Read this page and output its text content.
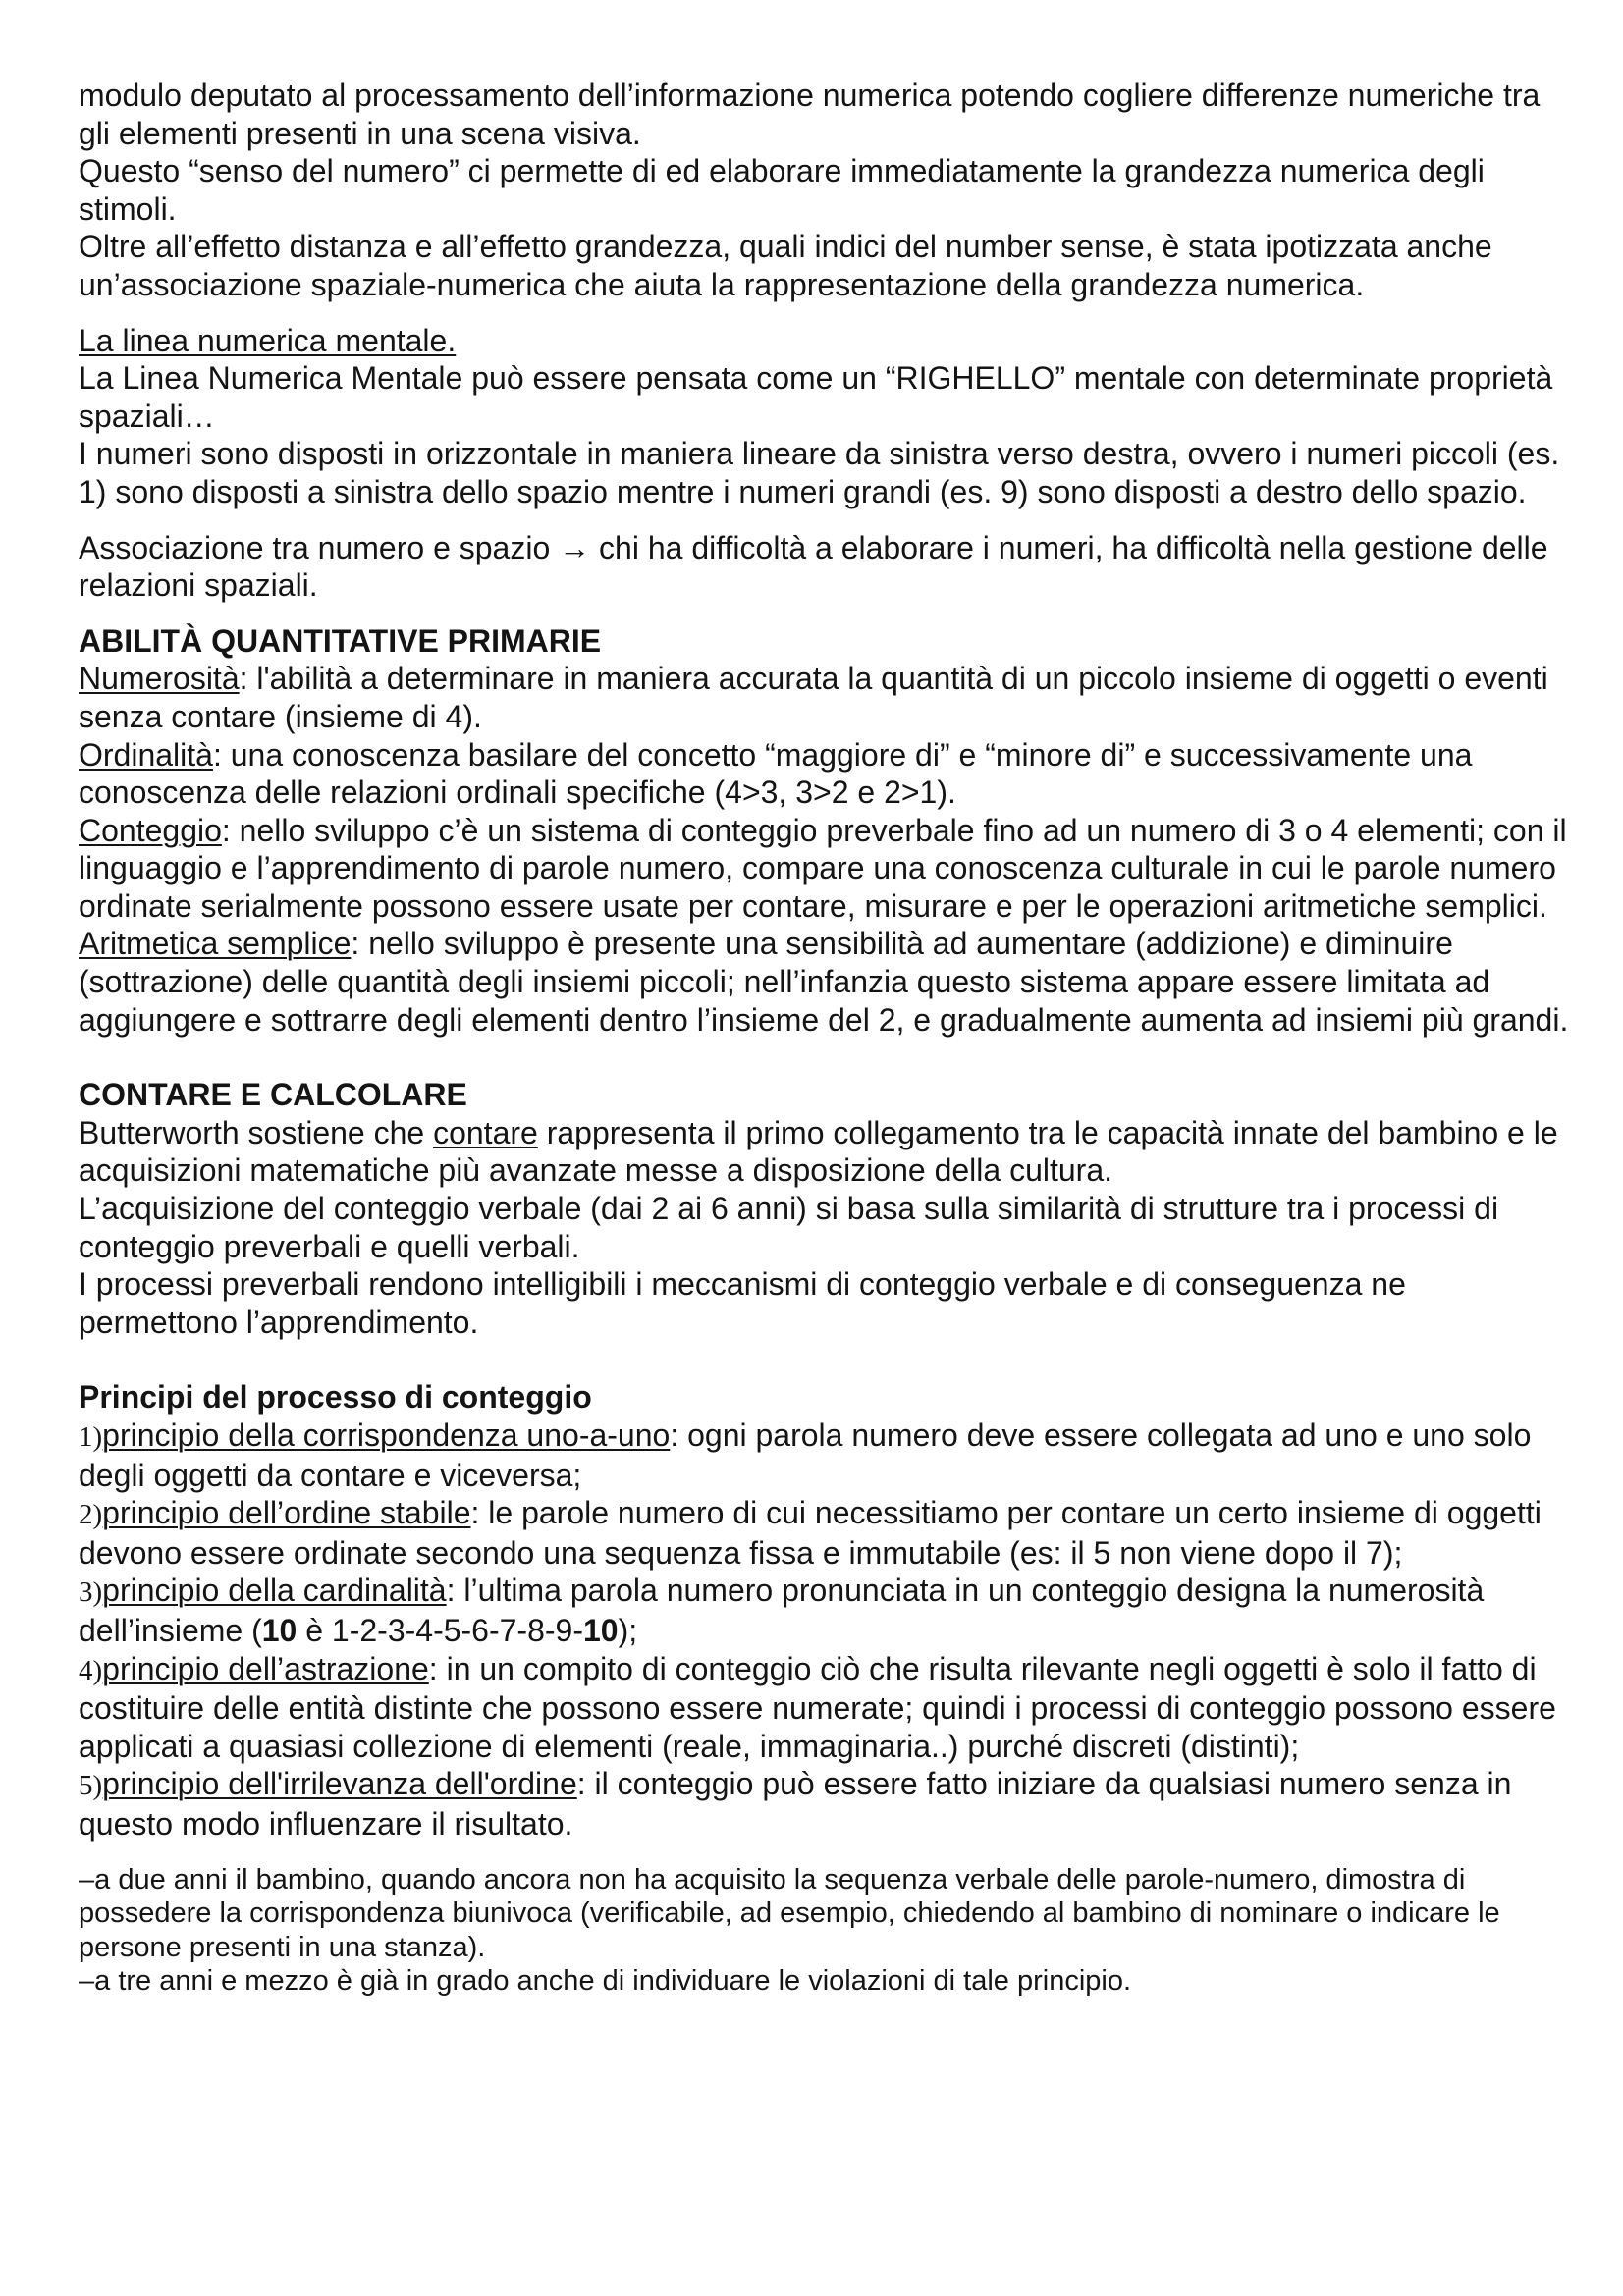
modulo deputato al processamento dell’informazione numerica potendo cogliere differenze numeriche tra gli elementi presenti in una scena visiva.

Questo “senso del numero” ci permette di ed elaborare immediatamente la grandezza numerica degli stimoli.

Oltre all’effetto distanza e all’effetto grandezza, quali indici del number sense, è stata ipotizzata anche un’associazione spaziale-numerica che aiuta la rappresentazione della grandezza numerica.

La linea numerica mentale.

La Linea Numerica Mentale può essere pensata come un “RIGHELLO” mentale con determinate proprietà spaziali…

I numeri sono disposti in orizzontale in maniera lineare da sinistra verso destra, ovvero i numeri piccoli (es. 1) sono disposti a sinistra dello spazio mentre i numeri grandi (es. 9) sono disposti a destro dello spazio.

Associazione tra numero e spazio → chi ha difficoltà a elaborare i numeri, ha difficoltà nella gestione delle relazioni spaziali.

ABILITÀ QUANTITATIVE PRIMARIE

Numerosità: l'abilità a determinare in maniera accurata la quantità di un piccolo insieme di oggetti o eventi senza contare (insieme di 4).

Ordinalità: una conoscenza basilare del concetto “maggiore di” e “minore di” e successivamente una conoscenza delle relazioni ordinali specifiche (4>3, 3>2 e 2>1).

Conteggio: nello sviluppo c’è un sistema di conteggio preverbale fino ad un numero di 3 o 4 elementi; con il linguaggio e l’apprendimento di parole numero, compare una conoscenza culturale in cui le parole numero ordinate serialmente possono essere usate per contare, misurare e per le operazioni aritmetiche semplici.

Aritmetica semplice: nello sviluppo è presente una sensibilità ad aumentare (addizione) e diminuire (sottrazione) delle quantità degli insiemi piccoli; nell’infanzia questo sistema appare essere limitata ad aggiungere e sottrarre degli elementi dentro l’insieme del 2, e gradualmente aumenta ad insiemi più grandi.

CONTARE E CALCOLARE

Butterworth sostiene che contare rappresenta il primo collegamento tra le capacità innate del bambino e le acquisizioni matematiche più avanzate messe a disposizione della cultura.

L’acquisizione del conteggio verbale (dai 2 ai 6 anni) si basa sulla similarità di strutture tra i processi di conteggio preverbali e quelli verbali.

I processi preverbali rendono intelligibili i meccanismi di conteggio verbale e di conseguenza ne permettono l’apprendimento.

Principi del processo di conteggio

1)principio della corrispondenza uno-a-uno: ogni parola numero deve essere collegata ad uno e uno solo degli oggetti da contare e viceversa;

2)principio dell’ordine stabile: le parole numero di cui necessitiamo per contare un certo insieme di oggetti devono essere ordinate secondo una sequenza fissa e immutabile (es: il 5 non viene dopo il 7);

3)principio della cardinalità: l’ultima parola numero pronunciata in un conteggio designa la numerosità dell’insieme (10 è 1-2-3-4-5-6-7-8-9-10);

4)principio dell’astrazione: in un compito di conteggio ciò che risulta rilevante negli oggetti è solo il fatto di costituire delle entità distinte che possono essere numerate; quindi i processi di conteggio possono essere applicati a quasiasi collezione di elementi (reale, immaginaria..) purché discreti (distinti);

5)principio dell'irrilevanza dell'ordine: il conteggio può essere fatto iniziare da qualsiasi numero senza in questo modo influenzare il risultato.

–a due anni il bambino, quando ancora non ha acquisito la sequenza verbale delle parole-numero, dimostra di possedere la corrispondenza biunivoca (verificabile, ad esempio, chiedendo al bambino di nominare o indicare le persone presenti in una stanza).

–a tre anni e mezzo è già in grado anche di individuare le violazioni di tale principio.
